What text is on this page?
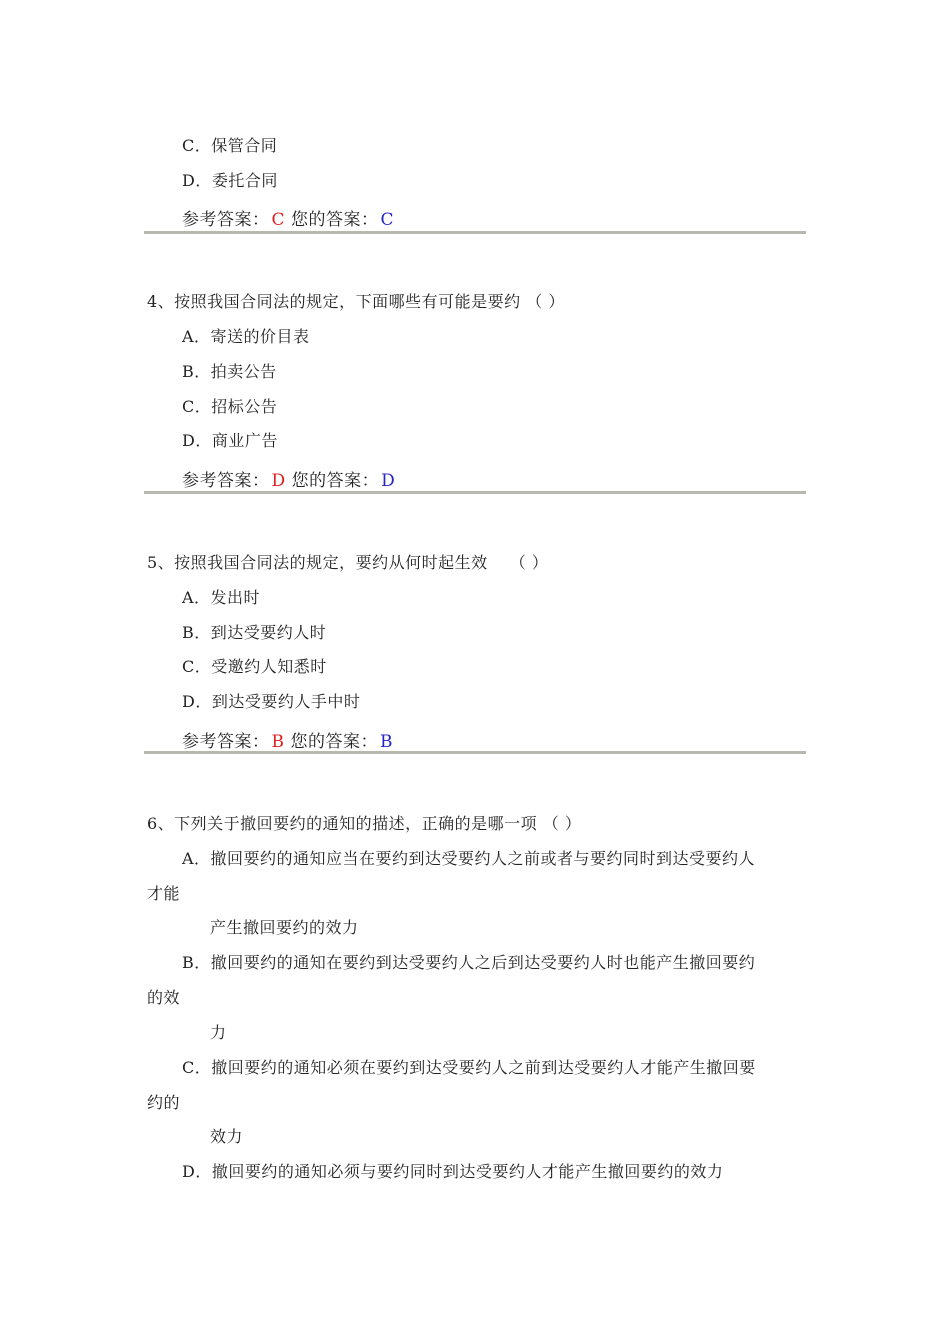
C．保管合同
D．委托合同
参考答案： C 您的答案： C
4、按照我国合同法的规定，下面哪些有可能是要约 （ ）
A．寄送的价目表
B．拍卖公告
C．招标公告
D．商业广告
参考答案： D 您的答案： D
5、按照我国合同法的规定，要约从何时起生效　 （ ）
A．发出时
B．到达受要约人时
C．受邀约人知悉时
D．到达受要约人手中时
参考答案： B 您的答案： B
6、下列关于撤回要约的通知的描述，正确的是哪一项 （ ）
A．撤回要约的通知应当在要约到达受要约人之前或者与要约同时到达受要约人
才能
产生撤回要约的效力
B．撤回要约的通知在要约到达受要约人之后到达受要约人时也能产生撤回要约
的效
力
C．撤回要约的通知必须在要约到达受要约人之前到达受要约人才能产生撤回要
约的
效力
D．撤回要约的通知必须与要约同时到达受要约人才能产生撤回要约的效力
